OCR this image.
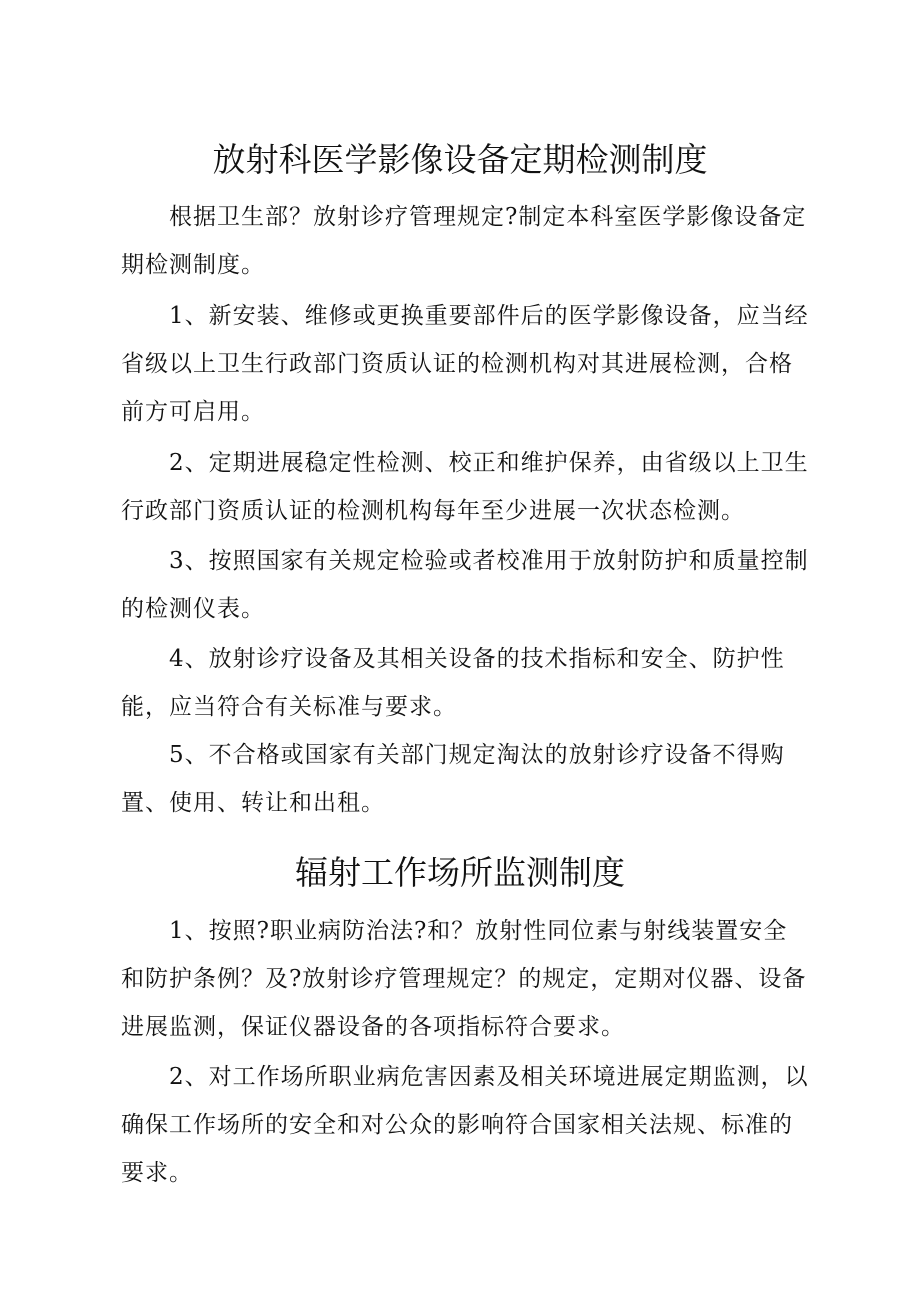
放射科医学影像设备定期检测制度

根据卫生部？放射诊疗管理规定?制定本科室医学影像设备定期检测制度。

1、新安装、维修或更换重要部件后的医学影像设备，应当经省级以上卫生行政部门资质认证的检测机构对其进展检测，合格前方可启用。

2、定期进展稳定性检测、校正和维护保养，由省级以上卫生行政部门资质认证的检测机构每年至少进展一次状态检测。

3、按照国家有关规定检验或者校准用于放射防护和质量控制的检测仪表。

4、放射诊疗设备及其相关设备的技术指标和安全、防护性能，应当符合有关标准与要求。

5、不合格或国家有关部门规定淘汰的放射诊疗设备不得购置、使用、转让和出租。

辐射工作场所监测制度

1、按照?职业病防治法?和？放射性同位素与射线装置安全和防护条例？及?放射诊疗管理规定？的规定，定期对仪器、设备进展监测，保证仪器设备的各项指标符合要求。

2、对工作场所职业病危害因素及相关环境进展定期监测，以确保工作场所的安全和对公众的影响符合国家相关法规、标准的要求。
